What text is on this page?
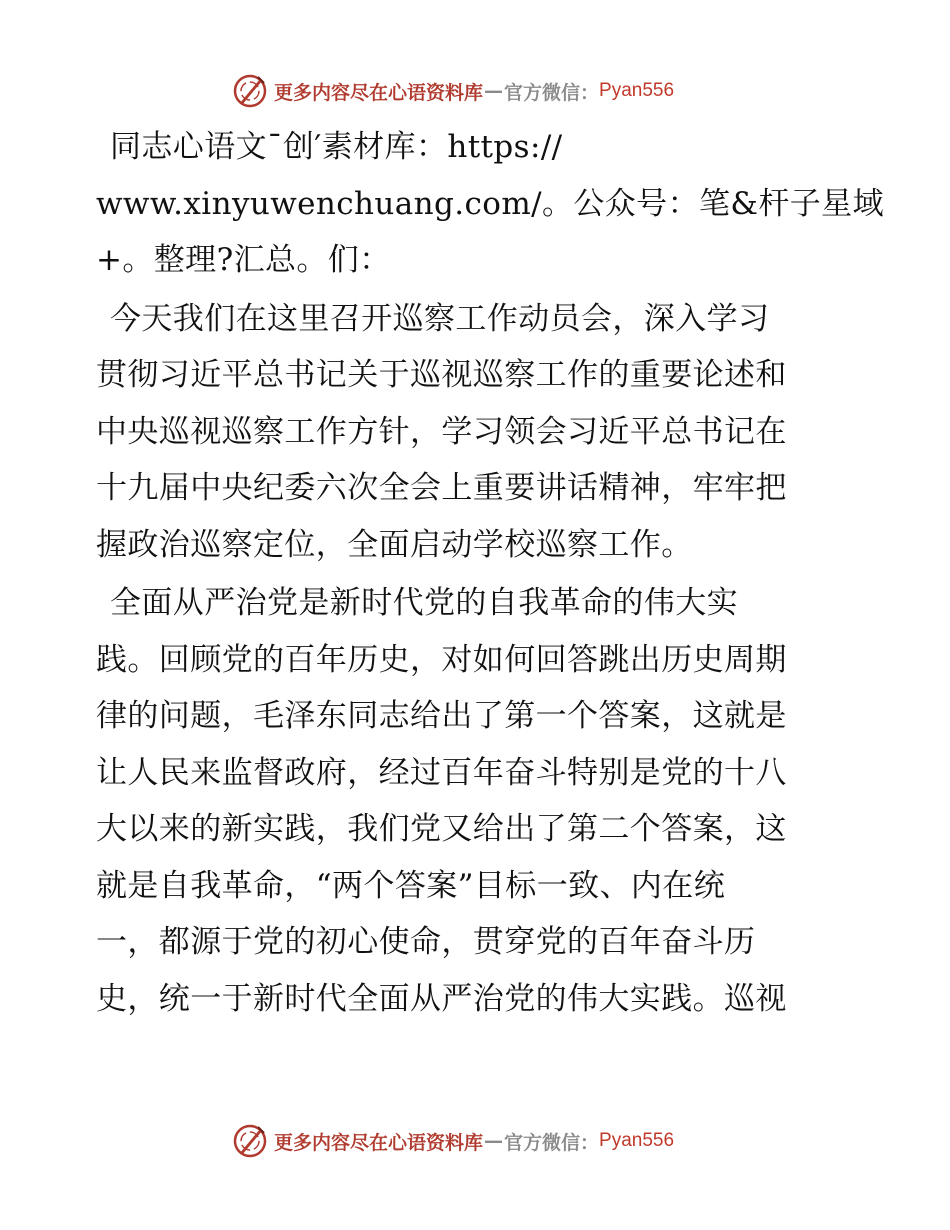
更多内容尽在心语资料库 — 官方微信： Pyan556

同志心语文¯创′素材库：https://
www.xinyuwenchuang.com/。公众号：笔&杆子星域
+。整理?汇总。们：

今天我们在这里召开巡察工作动员会，深入学习
贯彻习近平总书记关于巡视巡察工作的重要论述和
中央巡视巡察工作方针，学习领会习近平总书记在
十九届中央纪委六次全会上重要讲话精神，牢牢把
握政治巡察定位，全面启动学校巡察工作。

全面从严治党是新时代党的自我革命的伟大实
践。回顾党的百年历史，对如何回答跳出历史周期
律的问题，毛泽东同志给出了第一个答案，这就是
让人民来监督政府，经过百年奋斗特别是党的十八
大以来的新实践，我们党又给出了第二个答案，这
就是自我革命，“两个答案”目标一致、内在统
一，都源于党的初心使命，贯穿党的百年奋斗历
史，统一于新时代全面从严治党的伟大实践。巡视

更多内容尽在心语资料库 — 官方微信： Pyan556
